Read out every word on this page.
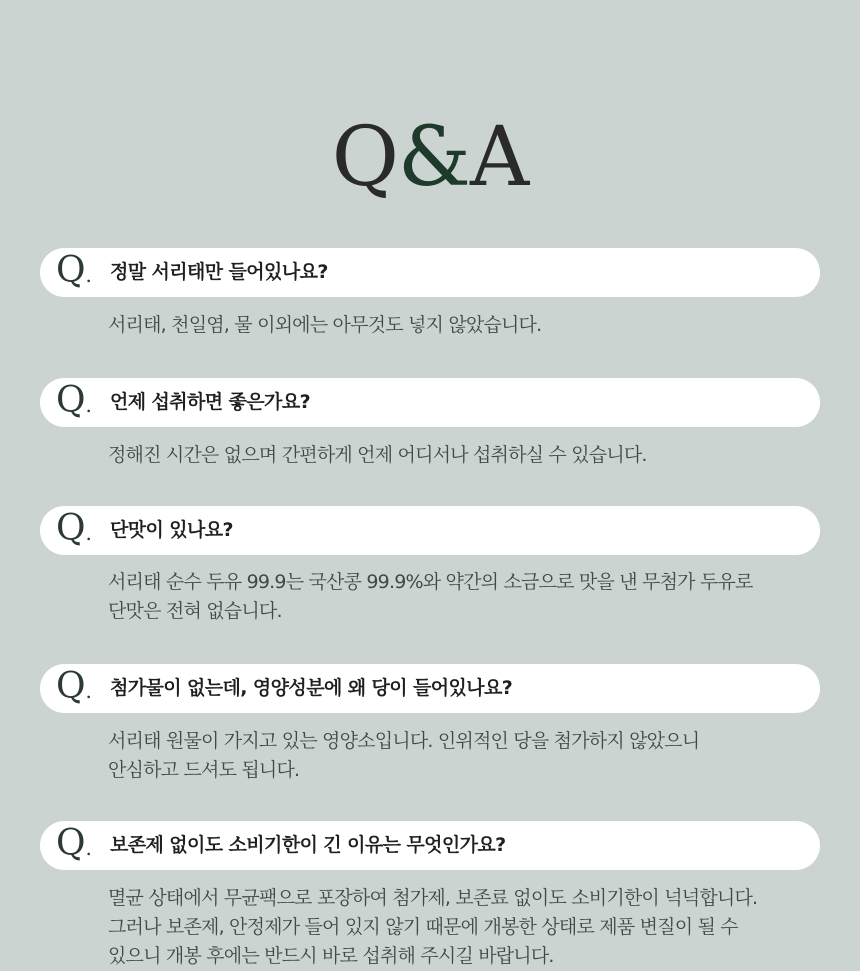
Q&A
Q. 정말 서리태만 들어있나요?
서리태, 천일염, 물 이외에는 아무것도 넣지 않았습니다.
Q. 언제 섭취하면 좋은가요?
정해진 시간은 없으며 간편하게 언제 어디서나 섭취하실 수 있습니다.
Q. 단맛이 있나요?
서리태 순수 두유 99.9는 국산콩 99.9%와 약간의 소금으로 맛을 낸 무첨가 두유로
단맛은 전혀 없습니다.
Q. 첨가물이 없는데, 영양성분에 왜 당이 들어있나요?
서리태 원물이 가지고 있는 영양소입니다. 인위적인 당을 첨가하지 않았으니
안심하고 드셔도 됩니다.
Q. 보존제 없이도 소비기한이 긴 이유는 무엇인가요?
멸균 상태에서 무균팩으로 포장하여 첨가제, 보존료 없이도 소비기한이 넉넉합니다.
그러나 보존제, 안정제가 들어 있지 않기 때문에 개봉한 상태로 제품 변질이 될 수
있으니 개봉 후에는 반드시 바로 섭취해 주시길 바랍니다.
